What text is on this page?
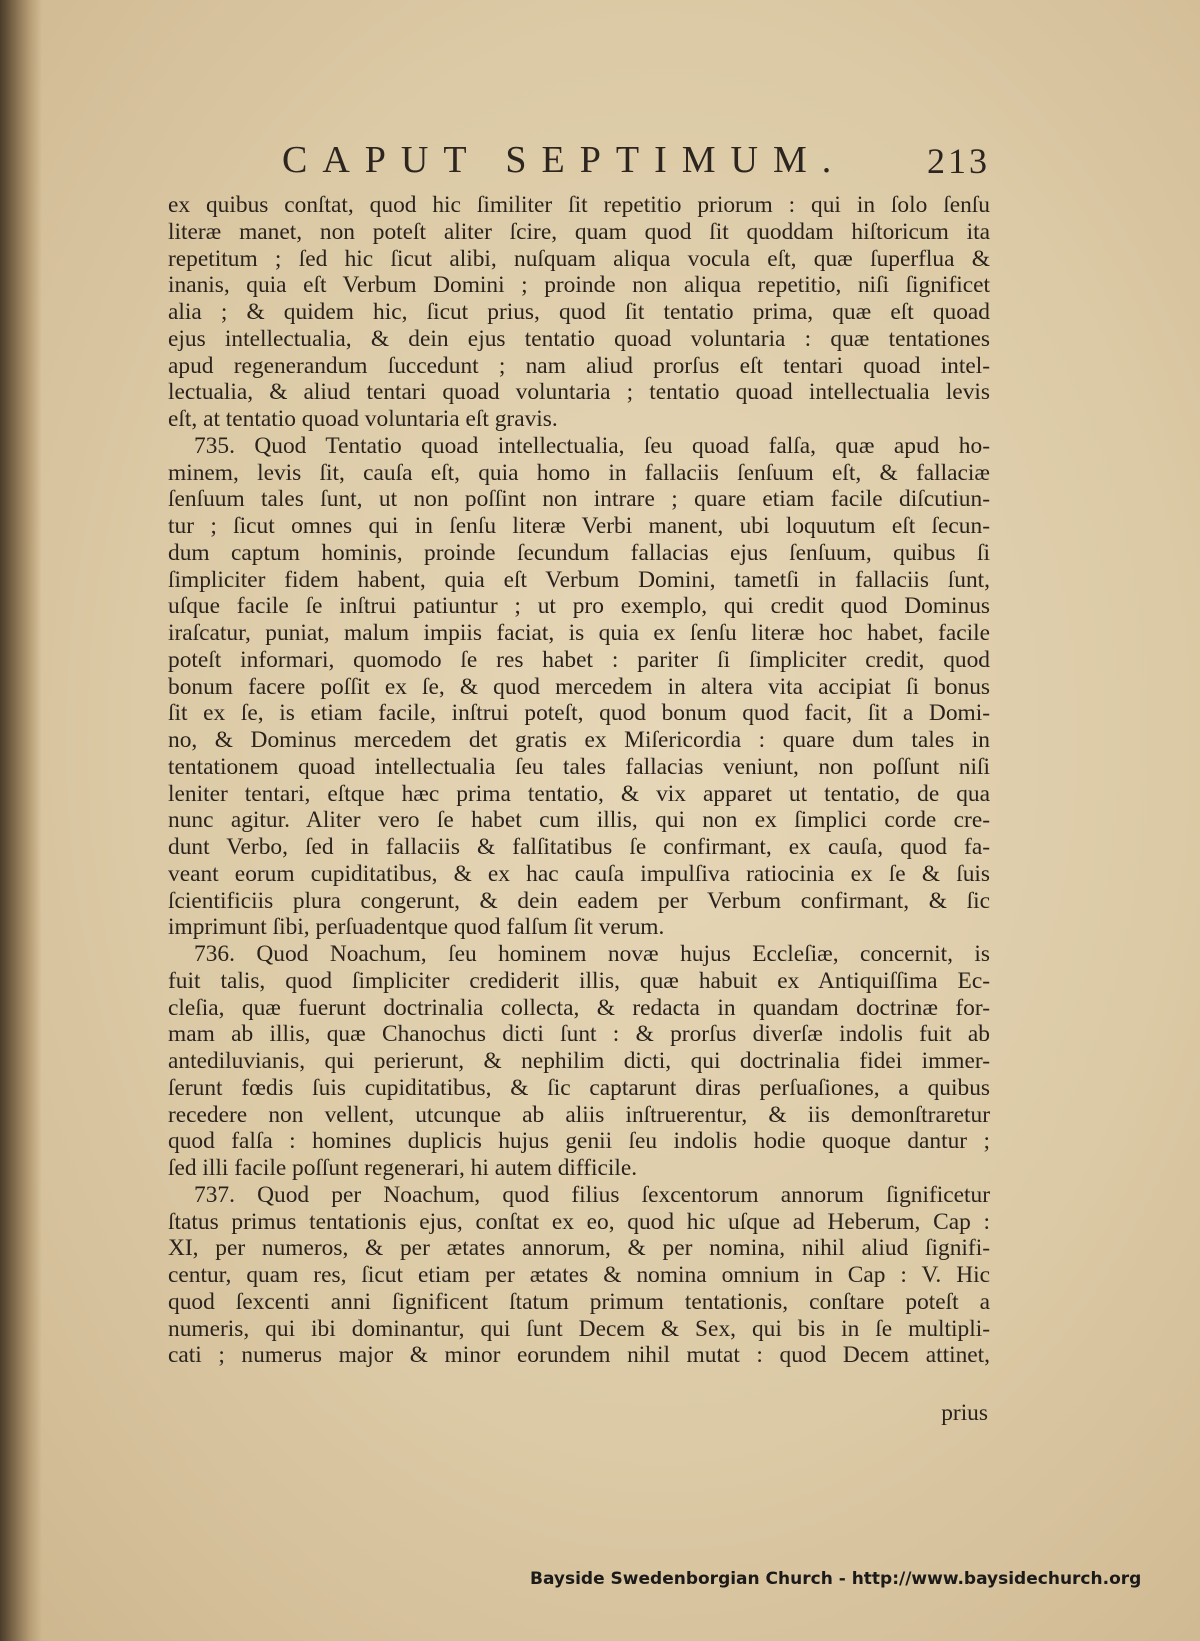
CAPUT SEPTIMUM. 213
ex quibus conſtat, quod hic ſimiliter ſit repetitio priorum : qui in ſolo ſenſu
literæ manet, non poteſt aliter ſcire, quam quod ſit quoddam hiſtoricum ita
repetitum ; ſed hic ſicut alibi, nuſquam aliqua vocula eſt, quæ ſuperflua &
inanis, quia eſt Verbum Domini ; proinde non aliqua repetitio, niſi ſignificet
alia ; & quidem hic, ſicut prius, quod ſit tentatio prima, quæ eſt quoad
ejus intellectualia, & dein ejus tentatio quoad voluntaria : quæ tentationes
apud regenerandum ſuccedunt ; nam aliud prorſus eſt tentari quoad intel-
lectualia, & aliud tentari quoad voluntaria ; tentatio quoad intellectualia levis
eſt, at tentatio quoad voluntaria eſt gravis.
735. Quod Tentatio quoad intellectualia, ſeu quoad falſa, quæ apud ho-
minem, levis ſit, cauſa eſt, quia homo in fallaciis ſenſuum eſt, & fallaciæ
ſenſuum tales ſunt, ut non poſſint non intrare ; quare etiam facile diſcutiun-
tur ; ſicut omnes qui in ſenſu literæ Verbi manent, ubi loquutum eſt ſecun-
dum captum hominis, proinde ſecundum fallacias ejus ſenſuum, quibus ſi
ſimpliciter fidem habent, quia eſt Verbum Domini, tametſi in fallaciis ſunt,
uſque facile ſe inſtrui patiuntur ; ut pro exemplo, qui credit quod Dominus
iraſcatur, puniat, malum impiis faciat, is quia ex ſenſu literæ hoc habet, facile
poteſt informari, quomodo ſe res habet : pariter ſi ſimpliciter credit, quod
bonum facere poſſit ex ſe, & quod mercedem in altera vita accipiat ſi bonus
ſit ex ſe, is etiam facile, inſtrui poteſt, quod bonum quod facit, ſit a Domi-
no, & Dominus mercedem det gratis ex Miſericordia : quare dum tales in
tentationem quoad intellectualia ſeu tales fallacias veniunt, non poſſunt niſi
leniter tentari, eſtque hæc prima tentatio, & vix apparet ut tentatio, de qua
nunc agitur. Aliter vero ſe habet cum illis, qui non ex ſimplici corde cre-
dunt Verbo, ſed in fallaciis & falſitatibus ſe confirmant, ex cauſa, quod fa-
veant eorum cupiditatibus, & ex hac cauſa impulſiva ratiocinia ex ſe & ſuis
ſcientificiis plura congerunt, & dein eadem per Verbum confirmant, & ſic
imprimunt ſibi, perſuadentque quod falſum ſit verum.
736. Quod Noachum, ſeu hominem novæ hujus Eccleſiæ, concernit, is
fuit talis, quod ſimpliciter crediderit illis, quæ habuit ex Antiquiſſima Ec-
cleſia, quæ fuerunt doctrinalia collecta, & redacta in quandam doctrinæ for-
mam ab illis, quæ Chanochus dicti ſunt : & prorſus diverſæ indolis fuit ab
antediluvianis, qui perierunt, & nephilim dicti, qui doctrinalia fidei immer-
ſerunt fœdis ſuis cupiditatibus, & ſic captarunt diras perſuaſiones, a quibus
recedere non vellent, utcunque ab aliis inſtruerentur, & iis demonſtraretur
quod falſa : homines duplicis hujus genii ſeu indolis hodie quoque dantur ;
ſed illi facile poſſunt regenerari, hi autem difficile.
737. Quod per Noachum, quod filius ſexcentorum annorum ſignificetur
ſtatus primus tentationis ejus, conſtat ex eo, quod hic uſque ad Heberum, Cap :
XI, per numeros, & per ætates annorum, & per nomina, nihil aliud ſignifi-
centur, quam res, ſicut etiam per ætates & nomina omnium in Cap : V. Hic
quod ſexcenti anni ſignificent ſtatum primum tentationis, conſtare poteſt a
numeris, qui ibi dominantur, qui ſunt Decem & Sex, qui bis in ſe multipli-
cati ; numerus major & minor eorundem nihil mutat : quod Decem attinet,
prius
Bayside Swedenborgian Church - http://www.baysidechurch.org
